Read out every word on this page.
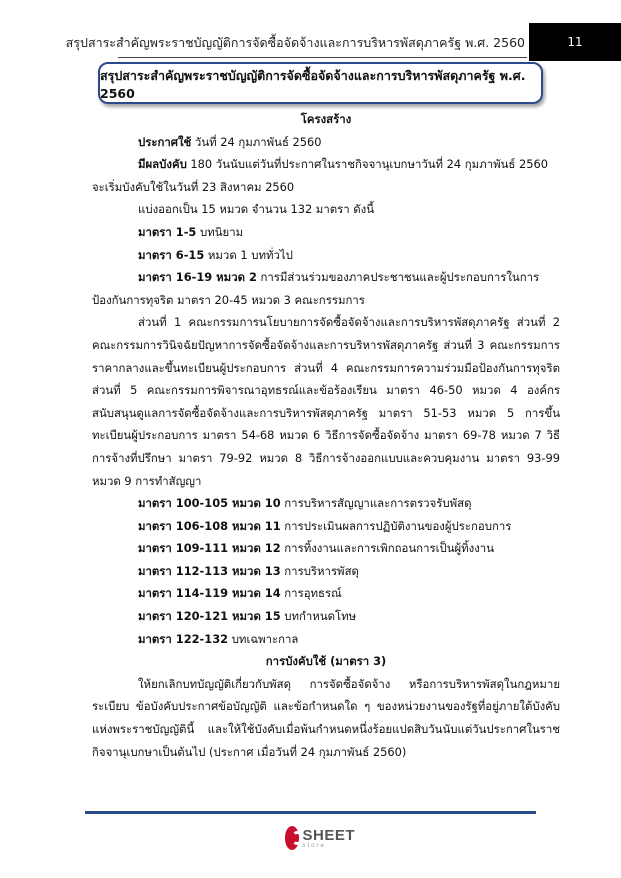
สรุปสาระสำคัญพระราชบัญญัติการจัดซื้อจัดจ้างและการบริหารพัสดุภาครัฐ พ.ศ. 2560	11
สรุปสาระสำคัญพระราชบัญญัติการจัดซื้อจัดจ้างและการบริหารพัสดุภาครัฐ พ.ศ. 2560

โครงสร้าง

ประกาศใช้ วันที่ 24 กุมภาพันธ์ 2560

มีผลบังคับ 180 วันนับแต่วันที่ประกาศในราชกิจจานุเบกษาวันที่ 24 กุมภาพันธ์ 2560 จะเริ่มบังคับใช้ในวันที่ 23 สิงหาคม 2560

แบ่งออกเป็น 15 หมวด จำนวน 132 มาตรา ดังนี้

มาตรา 1-5 บทนิยาม

มาตรา 6-15 หมวด 1 บททั่วไป

มาตรา 16-19 หมวด 2 การมีส่วนร่วมของภาคประชาชนและผู้ประกอบการในการป้องกันการทุจริต มาตรา 20-45 หมวด 3 คณะกรรมการ

ส่วนที่ 1 คณะกรรมการนโยบายการจัดซื้อจัดจ้างและการบริหารพัสดุภาครัฐ ส่วนที่ 2 คณะกรรมการวินิจฉัยปัญหาการจัดซื้อจัดจ้างและการบริหารพัสดุภาครัฐ ส่วนที่ 3 คณะกรรมการราคากลางและขึ้นทะเบียนผู้ประกอบการ ส่วนที่ 4 คณะกรรมการความร่วมมือป้องกันการทุจริต ส่วนที่ 5 คณะกรรมการพิจารณาอุทธรณ์และข้อร้องเรียน มาตรา 46-50 หมวด 4 องค์กรสนับสนุนดูแลการจัดซื้อจัดจ้างและการบริหารพัสดุภาครัฐ มาตรา 51-53 หมวด 5 การขึ้นทะเบียนผู้ประกอบการ มาตรา 54-68 หมวด 6 วิธีการจัดซื้อจัดจ้าง มาตรา 69-78 หมวด 7 วิธีการจ้างที่ปรึกษา มาตรา 79-92 หมวด 8 วิธีการจ้างออกแบบและควบคุมงาน มาตรา 93-99 หมวด 9 การทำสัญญา

มาตรา 100-105 หมวด 10 การบริหารสัญญาและการตรวจรับพัสดุ

มาตรา 106-108 หมวด 11 การประเมินผลการปฏิบัติงานของผู้ประกอบการ

มาตรา 109-111 หมวด 12 การทิ้งงานและการเพิกถอนการเป็นผู้ทิ้งงาน

มาตรา 112-113 หมวด 13 การบริหารพัสดุ

มาตรา 114-119 หมวด 14 การอุทธรณ์

มาตรา 120-121 หมวด 15 บทกำหนดโทษ

มาตรา 122-132 บทเฉพาะกาล

การบังคับใช้ (มาตรา 3)

ให้ยกเลิกบทบัญญัติเกี่ยวกับพัสดุ การจัดซื้อจัดจ้าง หรือการบริหารพัสดุในกฎหมาย ระเบียบ ข้อบังคับประกาศข้อบัญญัติ และข้อกำหนดใด ๆ ของหน่วยงานของรัฐที่อยู่ภายใต้บังคับแห่งพระราชบัญญัตินี้ และให้ใช้บังคับเมื่อพ้นกำหนดหนึ่งร้อยแปดสิบวันนับแต่วันประกาศในราชกิจจานุเบกษาเป็นต้นไป (ประกาศ เมื่อวันที่ 24 กุมภาพันธ์ 2560)

SHEET
store
